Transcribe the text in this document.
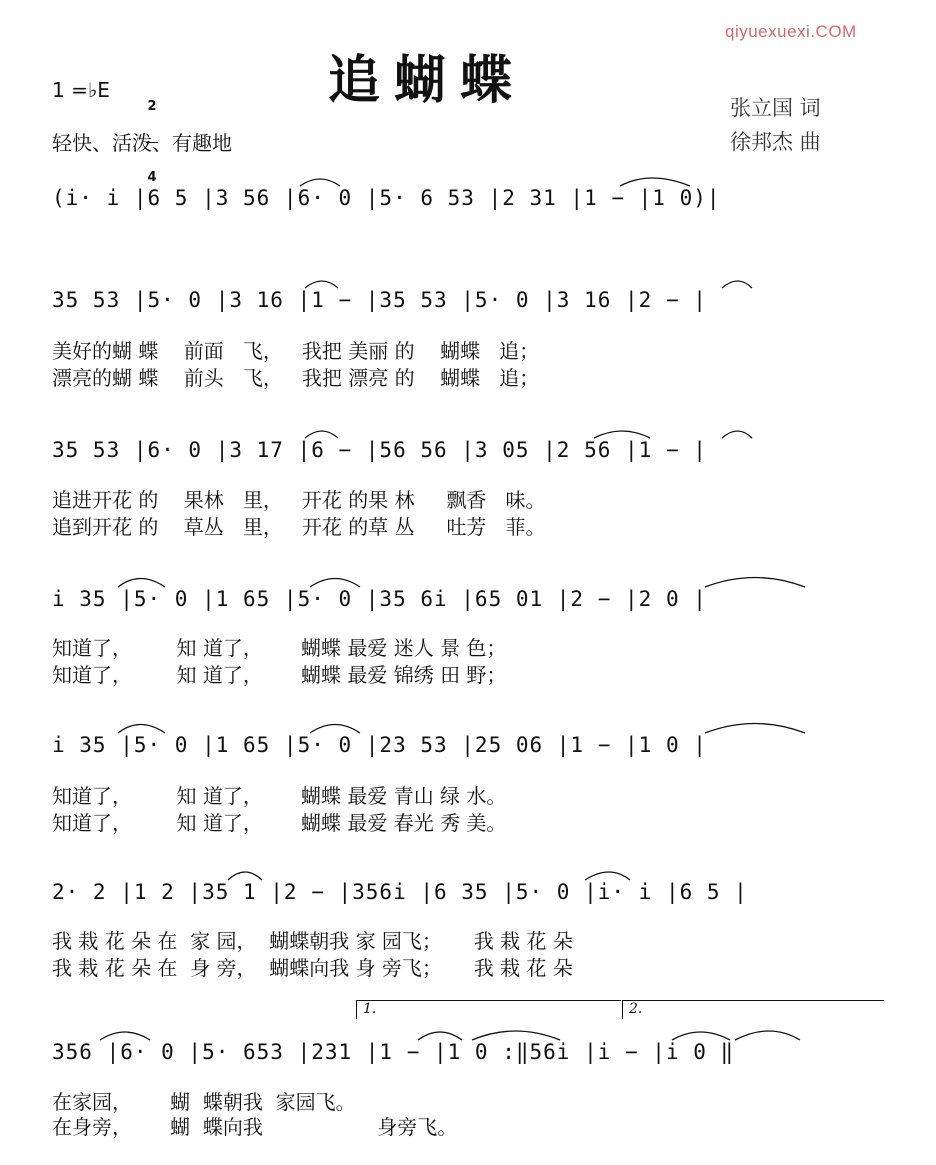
qiyuexuexi.COM
追蝴蝶
1 =♭E

2

4

轻快、活泼、有趣地
张立国 词
徐邦杰 曲
(i· i |6 5 |3 56 |6· 0 |5· 6 53 |2 31 |1 − |1 0)|
35 53 |5· 0 |3 16 |1 − |35 53 |5· 0 |3 16 |2 − |
美好的蝴 蝶    前面   飞，   我把 美丽 的    蝴蝶   追；
漂亮的蝴 蝶    前头   飞，   我把 漂亮 的    蝴蝶   追；
35 53 |6· 0 |3 17 |6 − |56 56 |3 05 |2 56 |1 − |
追进开花 的    果林   里，   开花 的果 林     飘香   味。
追到开花 的    草丛   里，   开花 的草 丛     吐芳   菲。
i 35 |5· 0 |1 65 |5· 0 |35 6i |65 01 |2 − |2 0 |
知道了，       知 道了，      蝴蝶 最爱 迷人 景 色；
知道了，       知 道了，      蝴蝶 最爱 锦绣 田 野；
i 35 |5· 0 |1 65 |5· 0 |23 53 |25 06 |1 − |1 0 |
知道了，       知 道了，      蝴蝶 最爱 青山 绿 水。
知道了，       知 道了，      蝴蝶 最爱 春光 秀 美。
2· 2 |1 2 |35 1 |2 − |356i |6 35 |5· 0 |i· i |6 5 |
我 栽 花 朵 在  家 园，  蝴蝶朝我 家 园飞；     我 栽 花 朵
我 栽 花 朵 在  身 旁，  蝴蝶向我 身 旁飞；     我 栽 花 朵
1.	2.
356 |6· 0 |5· 653 |231 |1 − |1 0 :‖56i |i − |i 0 ‖
在家园，      蝴  蝶朝我  家园飞。
在身旁，      蝴  蝶向我                  身旁飞。
